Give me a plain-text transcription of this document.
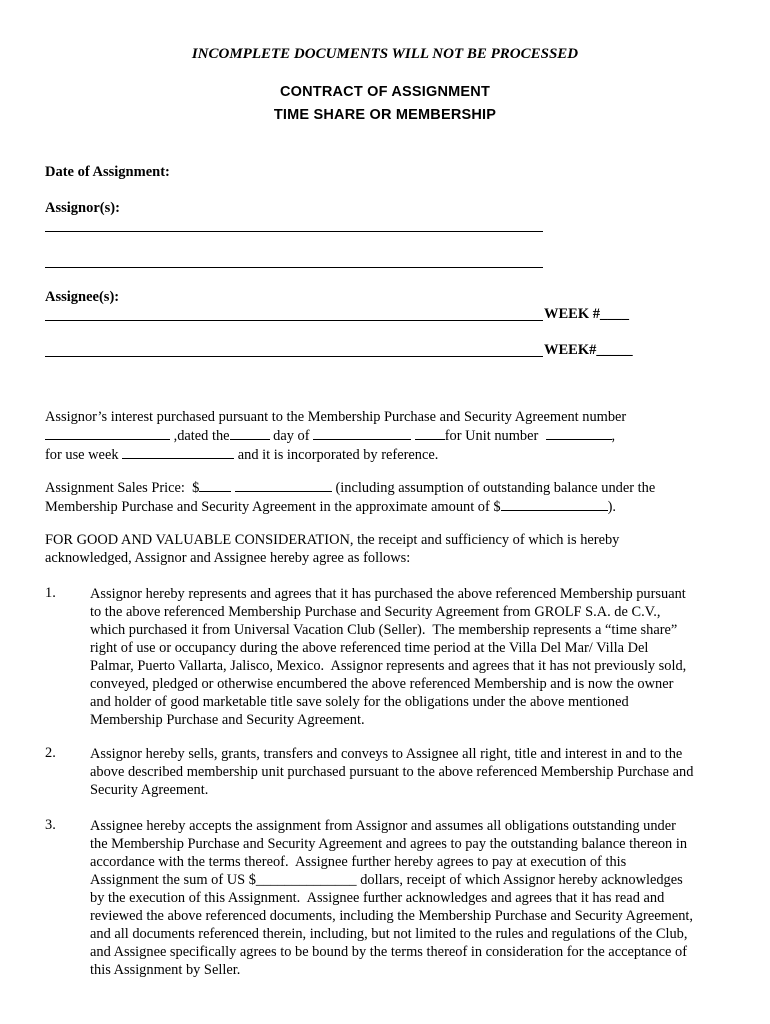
INCOMPLETE DOCUMENTS WILL NOT BE PROCESSED
CONTRACT OF ASSIGNMENT
TIME SHARE OR MEMBERSHIP
Date of Assignment:
Assignor(s):
Assignee(s):
WEEK #____
WEEK#_____
Assignor’s interest purchased pursuant to the Membership Purchase and Security Agreement number
,dated the	day of	for Unit number	,
for use week	and it is incorporated by reference.
Assignment Sales Price:  $	(including assumption of outstanding balance under the
Membership Purchase and Security Agreement in the approximate amount of $	).
FOR GOOD AND VALUABLE CONSIDERATION, the receipt and sufficiency of which is hereby
acknowledged, Assignor and Assignee hereby agree as follows:
1. Assignor hereby represents and agrees that it has purchased the above referenced Membership pursuant
to the above referenced Membership Purchase and Security Agreement from GROLF S.A. de C.V.,
which purchased it from Universal Vacation Club (Seller).  The membership represents a “time share”
right of use or occupancy during the above referenced time period at the Villa Del Mar/ Villa Del
Palmar, Puerto Vallarta, Jalisco, Mexico.  Assignor represents and agrees that it has not previously sold,
conveyed, pledged or otherwise encumbered the above referenced Membership and is now the owner
and holder of good marketable title save solely for the obligations under the above mentioned
Membership Purchase and Security Agreement.
2. Assignor hereby sells, grants, transfers and conveys to Assignee all right, title and interest in and to the
above described membership unit purchased pursuant to the above referenced Membership Purchase and
Security Agreement.
3. Assignee hereby accepts the assignment from Assignor and assumes all obligations outstanding under
the Membership Purchase and Security Agreement and agrees to pay the outstanding balance thereon in
accordance with the terms thereof.  Assignee further hereby agrees to pay at execution of this
Assignment the sum of US $______________ dollars, receipt of which Assignor hereby acknowledges
by the execution of this Assignment.  Assignee further acknowledges and agrees that it has read and
reviewed the above referenced documents, including the Membership Purchase and Security Agreement,
and all documents referenced therein, including, but not limited to the rules and regulations of the Club,
and Assignee specifically agrees to be bound by the terms thereof in consideration for the acceptance of
this Assignment by Seller.
